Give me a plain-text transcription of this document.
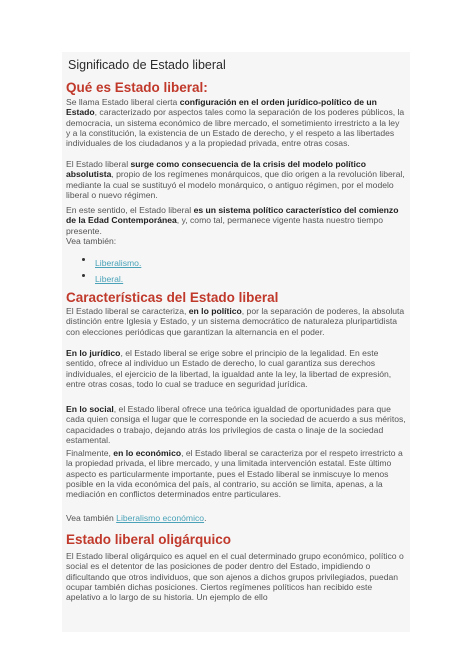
Significado de Estado liberal
Qué es Estado liberal:
Se llama Estado liberal cierta configuración en el orden jurídico-político de un Estado, caracterizado por aspectos tales como la separación de los poderes públicos, la democracia, un sistema económico de libre mercado, el sometimiento irrestricto a la ley y a la constitución, la existencia de un Estado de derecho, y el respeto a las libertades individuales de los ciudadanos y a la propiedad privada, entre otras cosas.
El Estado liberal surge como consecuencia de la crisis del modelo político absolutista, propio de los regímenes monárquicos, que dio origen a la revolución liberal, mediante la cual se sustituyó el modelo monárquico, o antiguo régimen, por el modelo liberal o nuevo régimen.
En este sentido, el Estado liberal es un sistema político característico del comienzo de la Edad Contemporánea, y, como tal, permanece vigente hasta nuestro tiempo presente.
Vea también:
Liberalismo.
Liberal.
Características del Estado liberal
El Estado liberal se caracteriza, en lo político, por la separación de poderes, la absoluta distinción entre Iglesia y Estado, y un sistema democrático de naturaleza pluripartidista con elecciones periódicas que garantizan la alternancia en el poder.
En lo jurídico, el Estado liberal se erige sobre el principio de la legalidad. En este sentido, ofrece al individuo un Estado de derecho, lo cual garantiza sus derechos individuales, el ejercicio de la libertad, la igualdad ante la ley, la libertad de expresión, entre otras cosas, todo lo cual se traduce en seguridad jurídica.
En lo social, el Estado liberal ofrece una teórica igualdad de oportunidades para que cada quien consiga el lugar que le corresponde en la sociedad de acuerdo a sus méritos, capacidades o trabajo, dejando atrás los privilegios de casta o linaje de la sociedad estamental.
Finalmente, en lo económico, el Estado liberal se caracteriza por el respeto irrestricto a la propiedad privada, el libre mercado, y una limitada intervención estatal. Este último aspecto es particularmente importante, pues el Estado liberal se inmiscuye lo menos posible en la vida económica del país, al contrario, su acción se limita, apenas, a la mediación en conflictos determinados entre particulares.
Vea también Liberalismo económico.
Estado liberal oligárquico
El Estado liberal oligárquico es aquel en el cual determinado grupo económico, político o social es el detentor de las posiciones de poder dentro del Estado, impidiendo o dificultando que otros individuos, que son ajenos a dichos grupos privilegiados, puedan ocupar también dichas posiciones. Ciertos regímenes políticos han recibido este apelativo a lo largo de su historia. Un ejemplo de ello
